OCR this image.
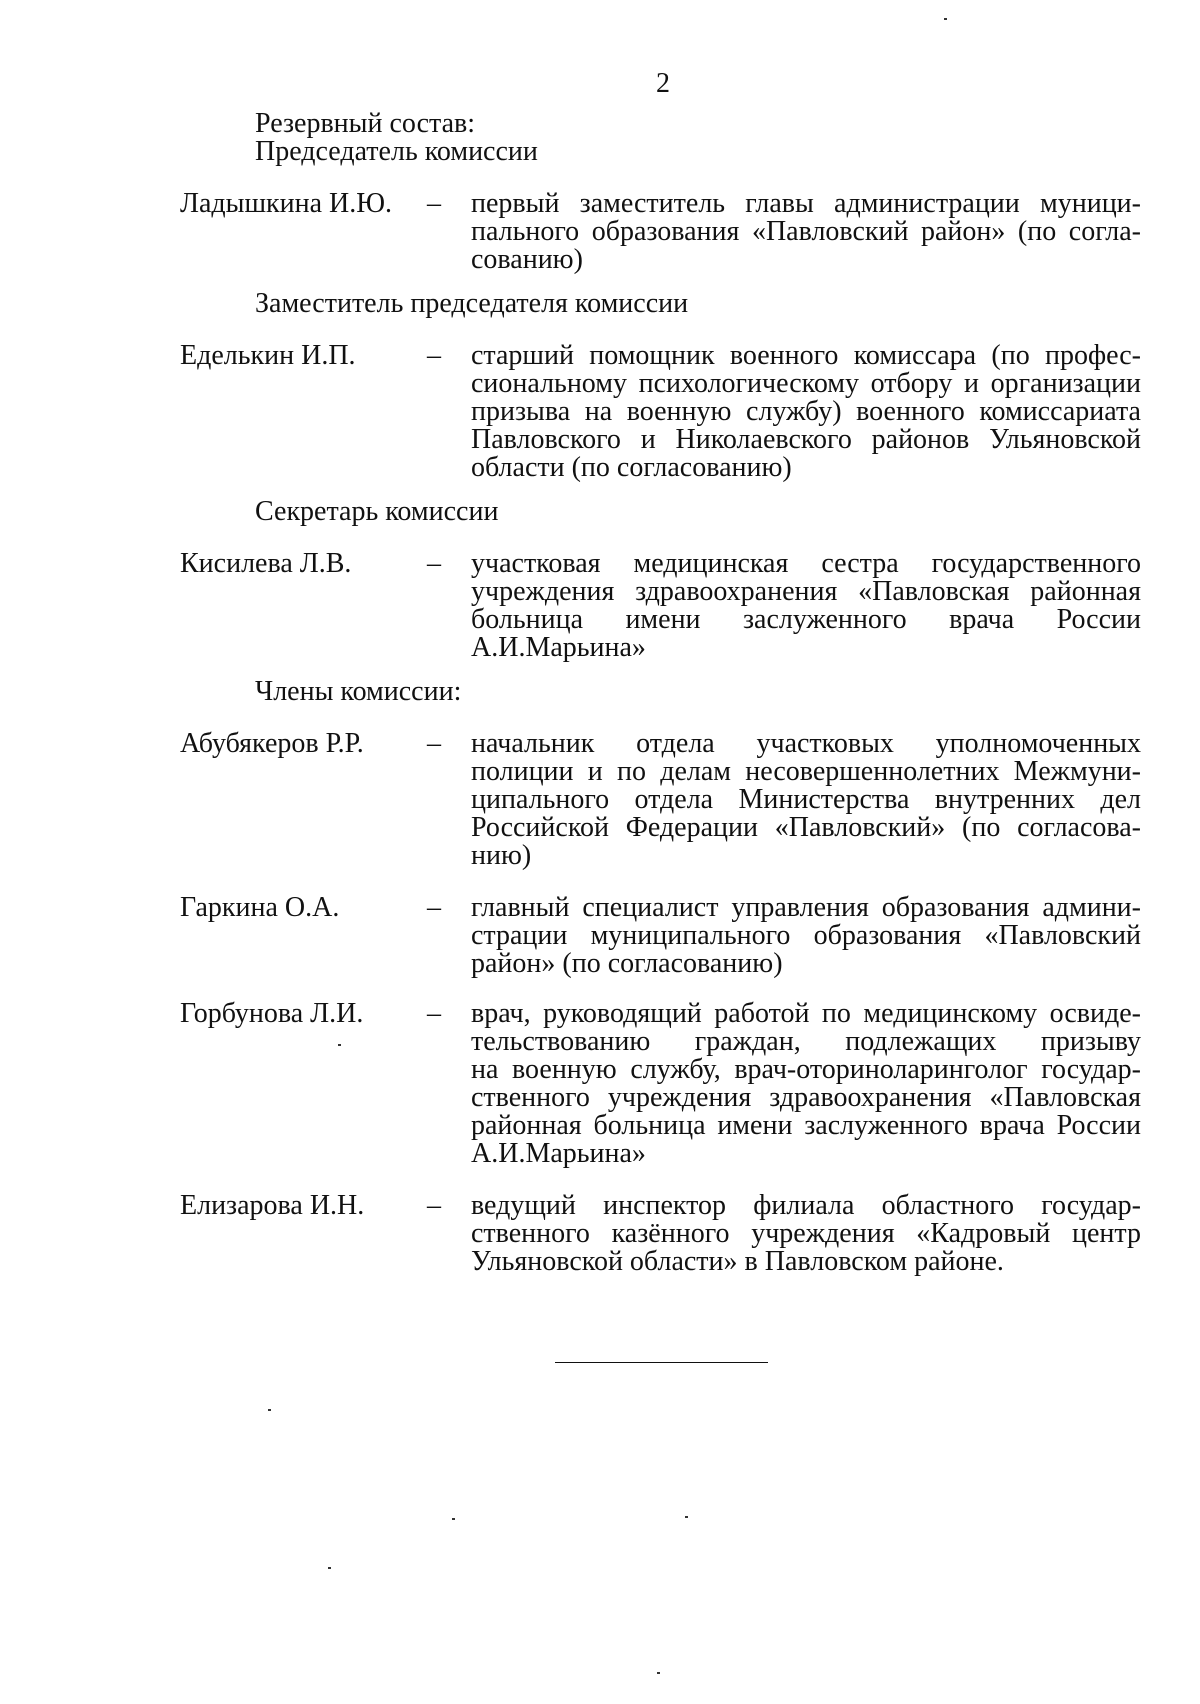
2
Резервный состав:
Председатель комиссии
Ладышкина И.Ю. – первый заместитель главы администрации муници-
пального образования «Павловский район» (по согла-
сованию)
Заместитель председателя комиссии
Еделькин И.П.	– старший помощник военного комиссара (по профес-
сиональному психологическому отбору и организации
призыва на военную службу) военного комиссариата
Павловского и Николаевского районов Ульяновской
области (по согласованию)
Секретарь комиссии
Кисилева Л.В.	– участковая медицинская сестра государственного
учреждения здравоохранения «Павловская районная
больница имени заслуженного врача России
А.И.Марьина»
Члены комиссии:
Абубякеров Р.Р. – начальник отдела участковых уполномоченных
полиции и по делам несовершеннолетних Межмуни-
ципального отдела Министерства внутренних дел
Российской Федерации «Павловский» (по согласова-
нию)
Гаркина О.А.	– главный специалист управления образования админи-
страции муниципального образования «Павловский
район» (по согласованию)
Горбунова Л.И. – врач, руководящий работой по медицинскому освиде-
тельствованию граждан, подлежащих призыву
на военную службу, врач-оториноларинголог государ-
ственного учреждения здравоохранения «Павловская
районная больница имени заслуженного врача России
А.И.Марьина»
Елизарова И.Н. – ведущий инспектор филиала областного государ-
ственного казённого учреждения «Кадровый центр
Ульяновской области» в Павловском районе.
